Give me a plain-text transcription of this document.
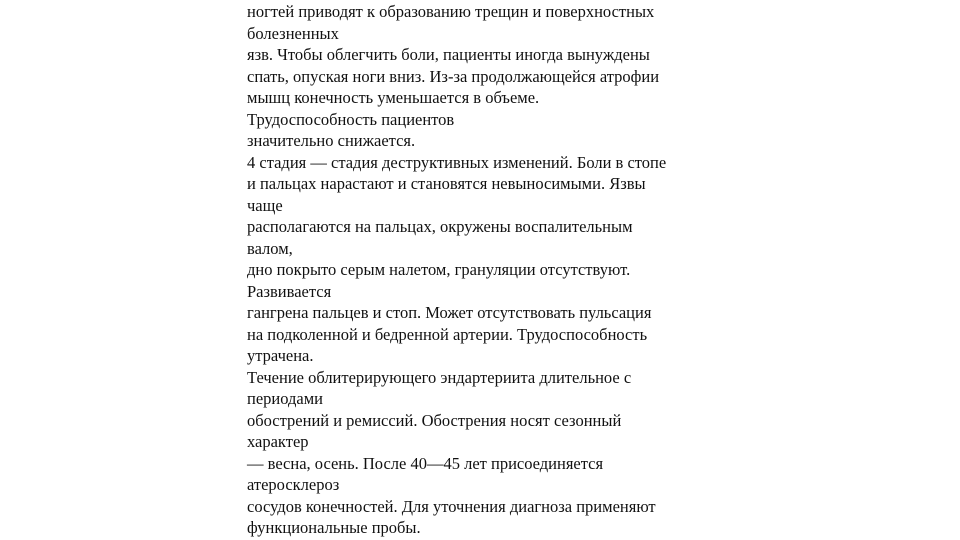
ногтей приводят к образованию трещин и поверхностных
болезненных
язв. Чтобы облегчить боли, пациенты иногда вынуждены
спать, опуская ноги вниз. Из-за продолжающейся атрофии
мышц конечность уменьшается в объеме.
Трудоспособность пациентов
значительно снижается.
4 стадия — стадия деструктивных изменений. Боли в стопе
и пальцах нарастают и становятся невыносимыми. Язвы
чаще
располагаются на пальцах, окружены воспалительным
валом,
дно покрыто серым налетом, грануляции отсутствуют.
Развивается
гангрена пальцев и стоп. Может отсутствовать пульсация
на подколенной и бедренной артерии. Трудоспособность
утрачена.
Течение облитерирующего эндартериита длительное с
периодами
обострений и ремиссий. Обострения носят сезонный
характер
— весна, осень. После 40—45 лет присоединяется
атеросклероз
сосудов конечностей. Для уточнения диагноза применяют
функциональные пробы.
